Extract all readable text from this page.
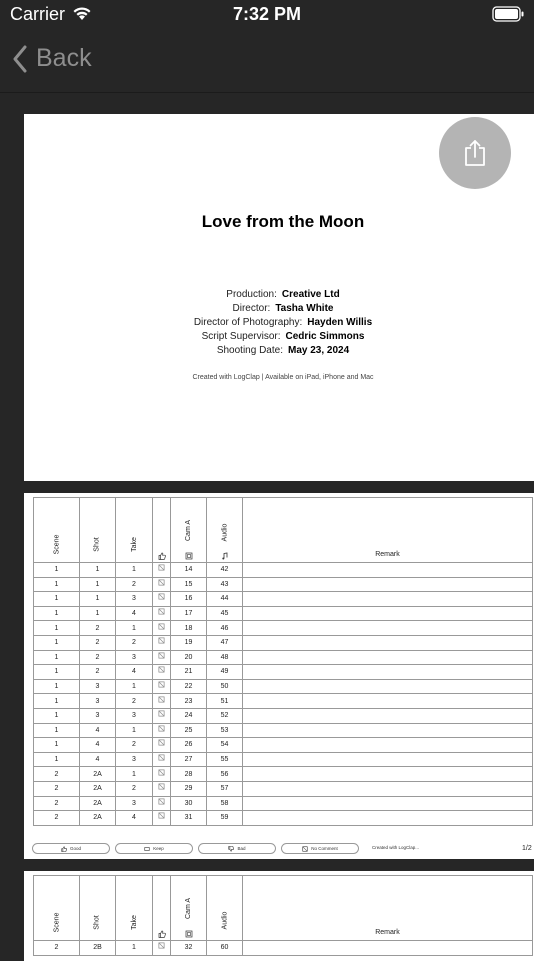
Carrier	7:32 PM
Back
Love from the Moon
Production: Creative Ltd
Director: Tasha White
Director of Photography: Hayden Willis
Script Supervisor: Cedric Simmons
Shooting Date: May 23, 2024
Created with LogClap | Available on iPad, iPhone and Mac
Scene	Shot	Take		Cam A	Audio	Remark
1	1	1		14	42	
1	1	2		15	43	
1	1	3		16	44	
1	1	4		17	45	
1	2	1		18	46	
1	2	2		19	47	
1	2	3		20	48	
1	2	4		21	49	
1	3	1		22	50	
1	3	2		23	51	
1	3	3		24	52	
1	4	1		25	53	
1	4	2		26	54	
1	4	3		27	55	
2	2A	1		28	56	
2	2A	2		29	57	
2	2A	3		30	58	
2	2A	4		31	59	
Good	Keep	Bad	No Comment	Created with LogClap...	1/2
Scene	Shot	Take		Cam A	Audio	Remark
2	2B	1		32	60	
